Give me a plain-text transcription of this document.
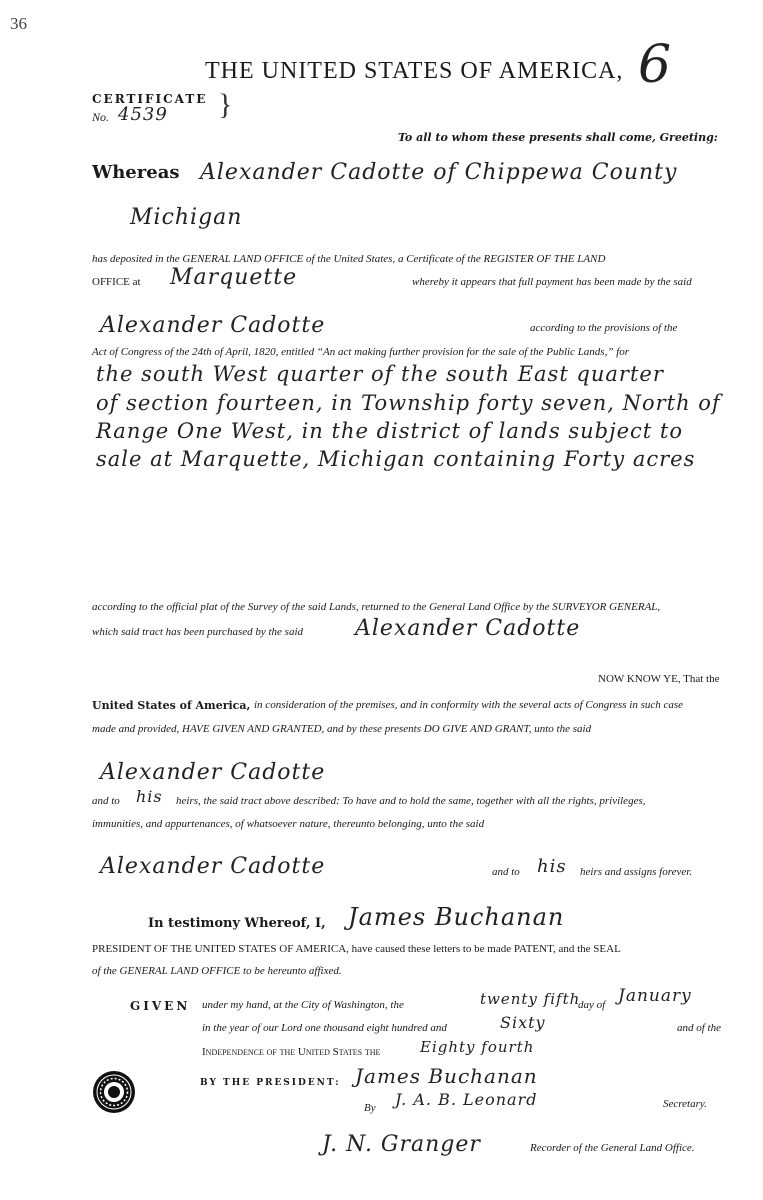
36
THE UNITED STATES OF AMERICA, 6
CERTIFICATE
No. 4539 }
To all to whom these presents shall come, Greeting:
Whereas Alexander Cadotte of Chippewa County
Michigan
has deposited in the GENERAL LAND OFFICE of the United States, a Certificate of the REGISTER OF THE LAND
OFFICE at Marquette	whereby it appears that full payment has been made by the said
Alexander Cadotte	according to the provisions of the
Act of Congress of the 24th of April, 1820, entitled “An act making further provision for the sale of the Public Lands,” for
the south West quarter of the south East quarter
of section fourteen, in Township forty seven, North of
Range One West, in the district of lands subject to
sale at Marquette, Michigan containing Forty acres
according to the official plat of the Survey of the said Lands, returned to the General Land Office by the SURVEYOR GENERAL,
which said tract has been purchased by the said Alexander Cadotte
NOW KNOW YE, That the
United States of America, in consideration of the premises, and in conformity with the several acts of Congress in such case
made and provided, HAVE GIVEN AND GRANTED, and by these presents DO GIVE AND GRANT, unto the said
Alexander Cadotte
and to his heirs, the said tract above described: To have and to hold the same, together with all the rights, privileges,
immunities, and appurtenances, of whatsoever nature, thereunto belonging, unto the said
Alexander Cadotte	and to his heirs and assigns forever.
In testimony Whereof, I, James Buchanan
PRESIDENT OF THE UNITED STATES OF AMERICA, have caused these letters to be made PATENT, and the SEAL
of the GENERAL LAND OFFICE to be hereunto affixed.
GIVEN under my hand, at the City of Washington, the	twenty fifth
day of January
in the year of our Lord one thousand eight hundred and	Sixty	and of the
Independence of the United States the	Eighty fourth
BY THE PRESIDENT: James Buchanan
By J. A. B. Leonard	Secretary.
J. N. Granger	Recorder of the General Land Office.
